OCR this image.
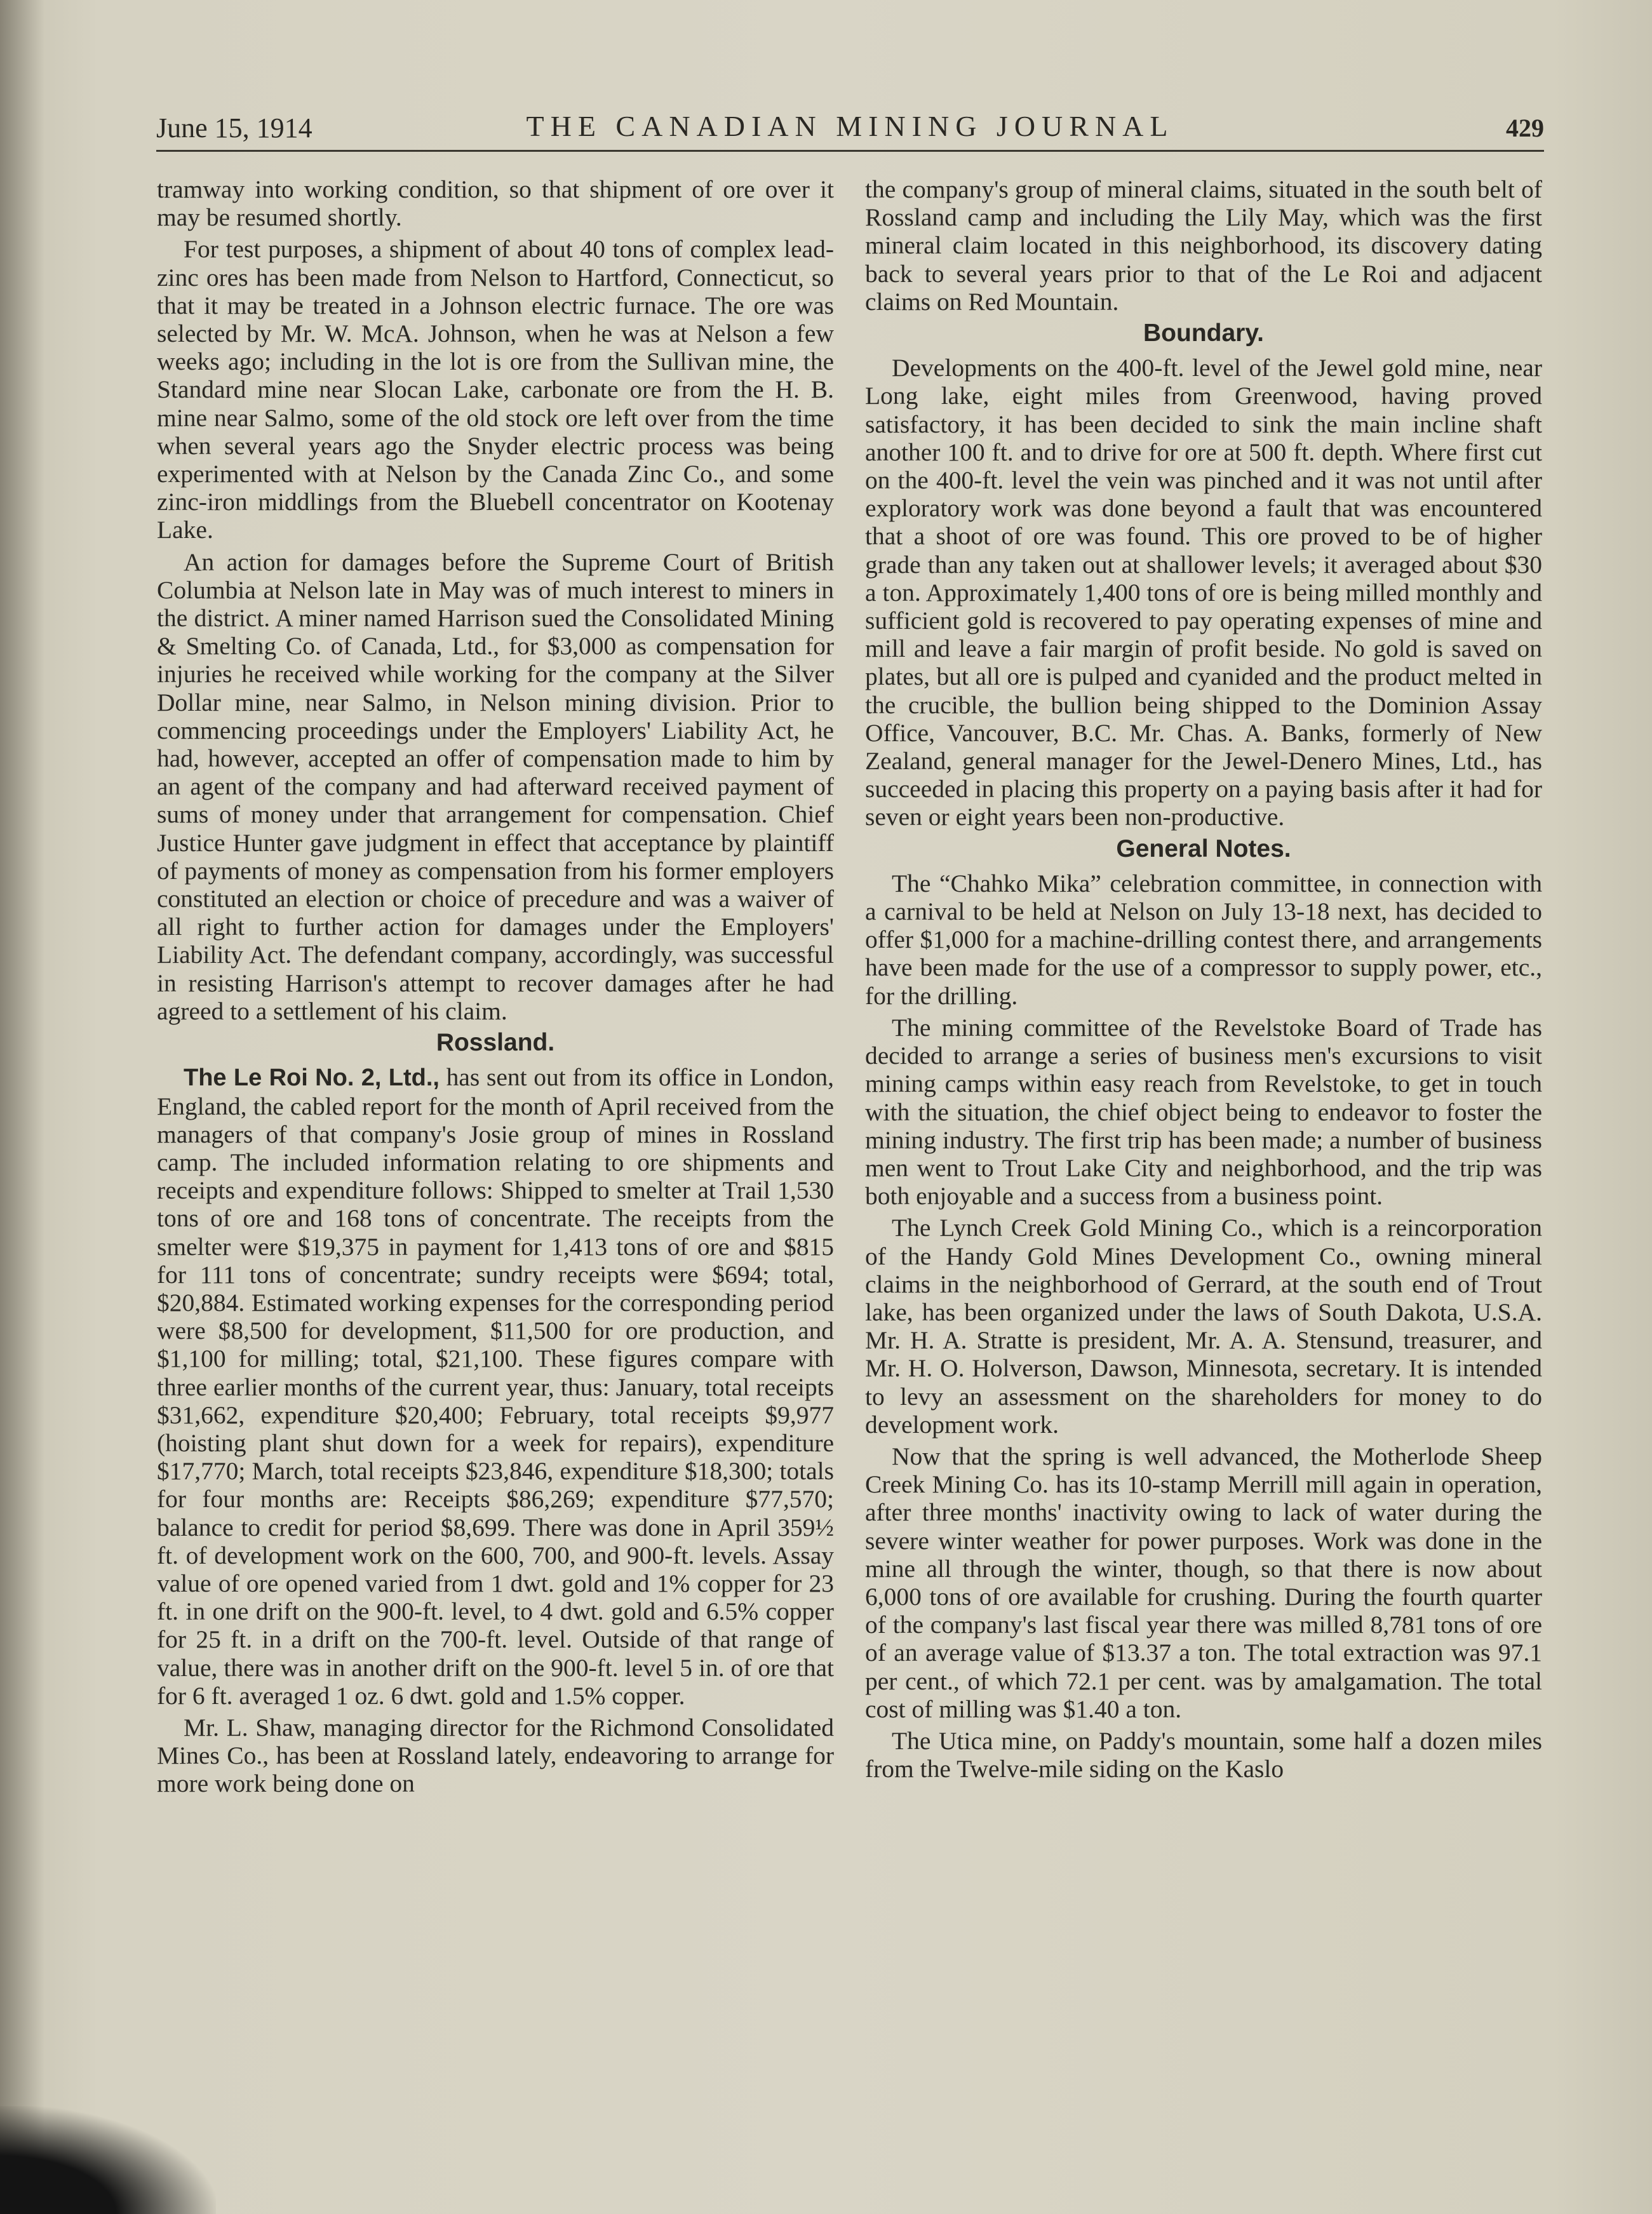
June 15, 1914	THE CANADIAN MINING JOURNAL	429

tramway into working condition, so that shipment of ore over it may be resumed shortly.

For test purposes, a shipment of about 40 tons of complex lead-zinc ores has been made from Nelson to Hartford, Connecticut, so that it may be treated in a Johnson electric furnace. The ore was selected by Mr. W. McA. Johnson, when he was at Nelson a few weeks ago; including in the lot is ore from the Sullivan mine, the Standard mine near Slocan Lake, carbonate ore from the H. B. mine near Salmo, some of the old stock ore left over from the time when several years ago the Snyder electric process was being experimented with at Nelson by the Canada Zinc Co., and some zinc-iron middlings from the Bluebell concentrator on Kootenay Lake.

An action for damages before the Supreme Court of British Columbia at Nelson late in May was of much interest to miners in the district. A miner named Harrison sued the Consolidated Mining & Smelting Co. of Canada, Ltd., for $3,000 as compensation for injuries he received while working for the company at the Silver Dollar mine, near Salmo, in Nelson mining division. Prior to commencing proceedings under the Employers' Liability Act, he had, however, accepted an offer of compensation made to him by an agent of the company and had afterward received payment of sums of money under that arrangement for compensation. Chief Justice Hunter gave judgment in effect that acceptance by plaintiff of payments of money as compensation from his former employers constituted an election or choice of precedure and was a waiver of all right to further action for damages under the Employers' Liability Act. The defendant company, accordingly, was successful in resisting Harrison's attempt to recover damages after he had agreed to a settlement of his claim.

Rossland.

The Le Roi No. 2, Ltd., has sent out from its office in London, England, the cabled report for the month of April received from the managers of that company's Josie group of mines in Rossland camp. The included information relating to ore shipments and receipts and expenditure follows: Shipped to smelter at Trail 1,530 tons of ore and 168 tons of concentrate. The receipts from the smelter were $19,375 in payment for 1,413 tons of ore and $815 for 111 tons of concentrate; sundry receipts were $694; total, $20,884. Estimated working expenses for the corresponding period were $8,500 for development, $11,500 for ore production, and $1,100 for milling; total, $21,100. These figures compare with three earlier months of the current year, thus: January, total receipts $31,662, expenditure $20,400; February, total receipts $9,977 (hoisting plant shut down for a week for repairs), expenditure $17,770; March, total receipts $23,846, expenditure $18,300; totals for four months are: Receipts $86,269; expenditure $77,570; balance to credit for period $8,699. There was done in April 359½ ft. of development work on the 600, 700, and 900-ft. levels. Assay value of ore opened varied from 1 dwt. gold and 1% copper for 23 ft. in one drift on the 900-ft. level, to 4 dwt. gold and 6.5% copper for 25 ft. in a drift on the 700-ft. level. Outside of that range of value, there was in another drift on the 900-ft. level 5 in. of ore that for 6 ft. averaged 1 oz. 6 dwt. gold and 1.5% copper.

Mr. L. Shaw, managing director for the Richmond Consolidated Mines Co., has been at Rossland lately, endeavoring to arrange for more work being done on

the company's group of mineral claims, situated in the south belt of Rossland camp and including the Lily May, which was the first mineral claim located in this neighborhood, its discovery dating back to several years prior to that of the Le Roi and adjacent claims on Red Mountain.

Boundary.

Developments on the 400-ft. level of the Jewel gold mine, near Long lake, eight miles from Greenwood, having proved satisfactory, it has been decided to sink the main incline shaft another 100 ft. and to drive for ore at 500 ft. depth. Where first cut on the 400-ft. level the vein was pinched and it was not until after exploratory work was done beyond a fault that was encountered that a shoot of ore was found. This ore proved to be of higher grade than any taken out at shallower levels; it averaged about $30 a ton. Approximately 1,400 tons of ore is being milled monthly and sufficient gold is recovered to pay operating expenses of mine and mill and leave a fair margin of profit beside. No gold is saved on plates, but all ore is pulped and cyanided and the product melted in the crucible, the bullion being shipped to the Dominion Assay Office, Vancouver, B.C. Mr. Chas. A. Banks, formerly of New Zealand, general manager for the Jewel-Denero Mines, Ltd., has succeeded in placing this property on a paying basis after it had for seven or eight years been non-productive.

General Notes.

The “Chahko Mika” celebration committee, in connection with a carnival to be held at Nelson on July 13-18 next, has decided to offer $1,000 for a machine-drilling contest there, and arrangements have been made for the use of a compressor to supply power, etc., for the drilling.

The mining committee of the Revelstoke Board of Trade has decided to arrange a series of business men's excursions to visit mining camps within easy reach from Revelstoke, to get in touch with the situation, the chief object being to endeavor to foster the mining industry. The first trip has been made; a number of business men went to Trout Lake City and neighborhood, and the trip was both enjoyable and a success from a business point.

The Lynch Creek Gold Mining Co., which is a reincorporation of the Handy Gold Mines Development Co., owning mineral claims in the neighborhood of Gerrard, at the south end of Trout lake, has been organized under the laws of South Dakota, U.S.A. Mr. H. A. Stratte is president, Mr. A. A. Stensund, treasurer, and Mr. H. O. Holverson, Dawson, Minnesota, secretary. It is intended to levy an assessment on the shareholders for money to do development work.

Now that the spring is well advanced, the Motherlode Sheep Creek Mining Co. has its 10-stamp Merrill mill again in operation, after three months' inactivity owing to lack of water during the severe winter weather for power purposes. Work was done in the mine all through the winter, though, so that there is now about 6,000 tons of ore available for crushing. During the fourth quarter of the company's last fiscal year there was milled 8,781 tons of ore of an average value of $13.37 a ton. The total extraction was 97.1 per cent., of which 72.1 per cent. was by amalgamation. The total cost of milling was $1.40 a ton.

The Utica mine, on Paddy's mountain, some half a dozen miles from the Twelve-mile siding on the Kaslo
